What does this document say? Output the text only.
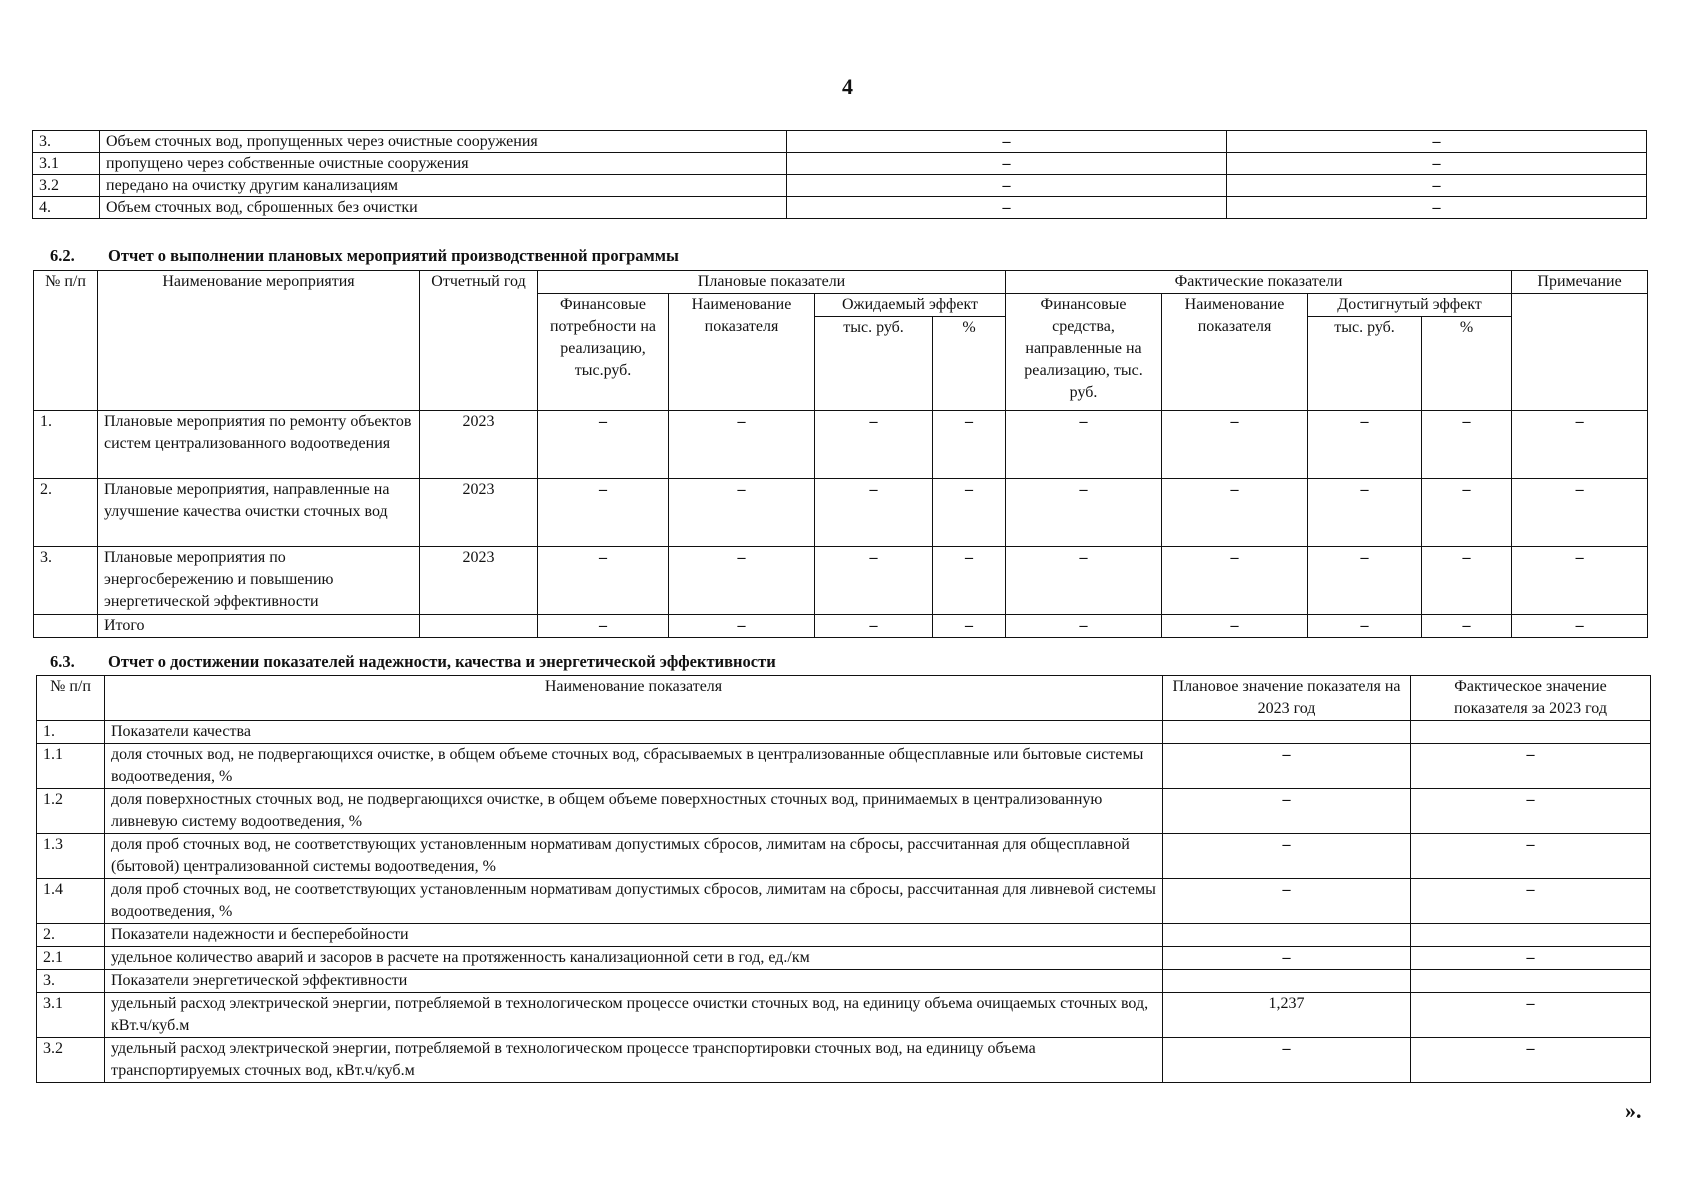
4
3.	Объем сточных вод, пропущенных через очистные сооружения	–	–
3.1	пропущено через собственные очистные сооружения	–	–
3.2	передано на очистку другим канализациям	–	–
4.	Объем сточных вод, сброшенных без очистки	–	–
6.2. Отчет о выполнении плановых мероприятий производственной программы
№ п/п	Наименование мероприятия	Отчетный год	Плановые показатели				Фактические показатели				Примечание
			Финансовые потребности на реализацию, тыс.руб.	Наименование показателя	Ожидаемый эффект		Финансовые средства, направленные на реализацию, тыс. руб.	Наименование показателя	Достигнутый эффект		
					тыс. руб.	%			тыс. руб.	%	
1.	Плановые мероприятия по ремонту объектов систем централизованного водоотведения	2023	–	–	–	–	–	–	–	–	–
2.	Плановые мероприятия, направленные на улучшение качества очистки сточных вод	2023	–	–	–	–	–	–	–	–	–
3.	Плановые мероприятия по энергосбережению и повышению энергетической эффективности	2023	–	–	–	–	–	–	–	–	–
	Итого		–	–	–	–	–	–	–	–	–
6.3. Отчет о достижении показателей надежности, качества и энергетической эффективности
№ п/п	Наименование показателя	Плановое значение показателя на 2023 год	Фактическое значение показателя за 2023 год
1.	Показатели качества		
1.1	доля сточных вод, не подвергающихся очистке, в общем объеме сточных вод, сбрасываемых в централизованные общесплавные или бытовые системы водоотведения, %	–	–
1.2	доля поверхностных сточных вод, не подвергающихся очистке, в общем объеме поверхностных сточных вод, принимаемых в централизованную ливневую систему водоотведения, %	–	–
1.3	доля проб сточных вод, не соответствующих установленным нормативам допустимых сбросов, лимитам на сбросы, рассчитанная для общесплавной (бытовой) централизованной системы водоотведения, %	–	–
1.4	доля проб сточных вод, не соответствующих установленным нормативам допустимых сбросов, лимитам на сбросы, рассчитанная для ливневой системы водоотведения, %	–	–
2.	Показатели надежности и бесперебойности		
2.1	удельное количество аварий и засоров в расчете на протяженность канализационной сети в год, ед./км	–	–
3.	Показатели энергетической эффективности		
3.1	удельный расход электрической энергии, потребляемой в технологическом процессе очистки сточных вод, на единицу объема очищаемых сточных вод, кВт.ч/куб.м	1,237	–
3.2	удельный расход электрической энергии, потребляемой в технологическом процессе транспортировки сточных вод, на единицу объема транспортируемых сточных вод, кВт.ч/куб.м	–	–
».
